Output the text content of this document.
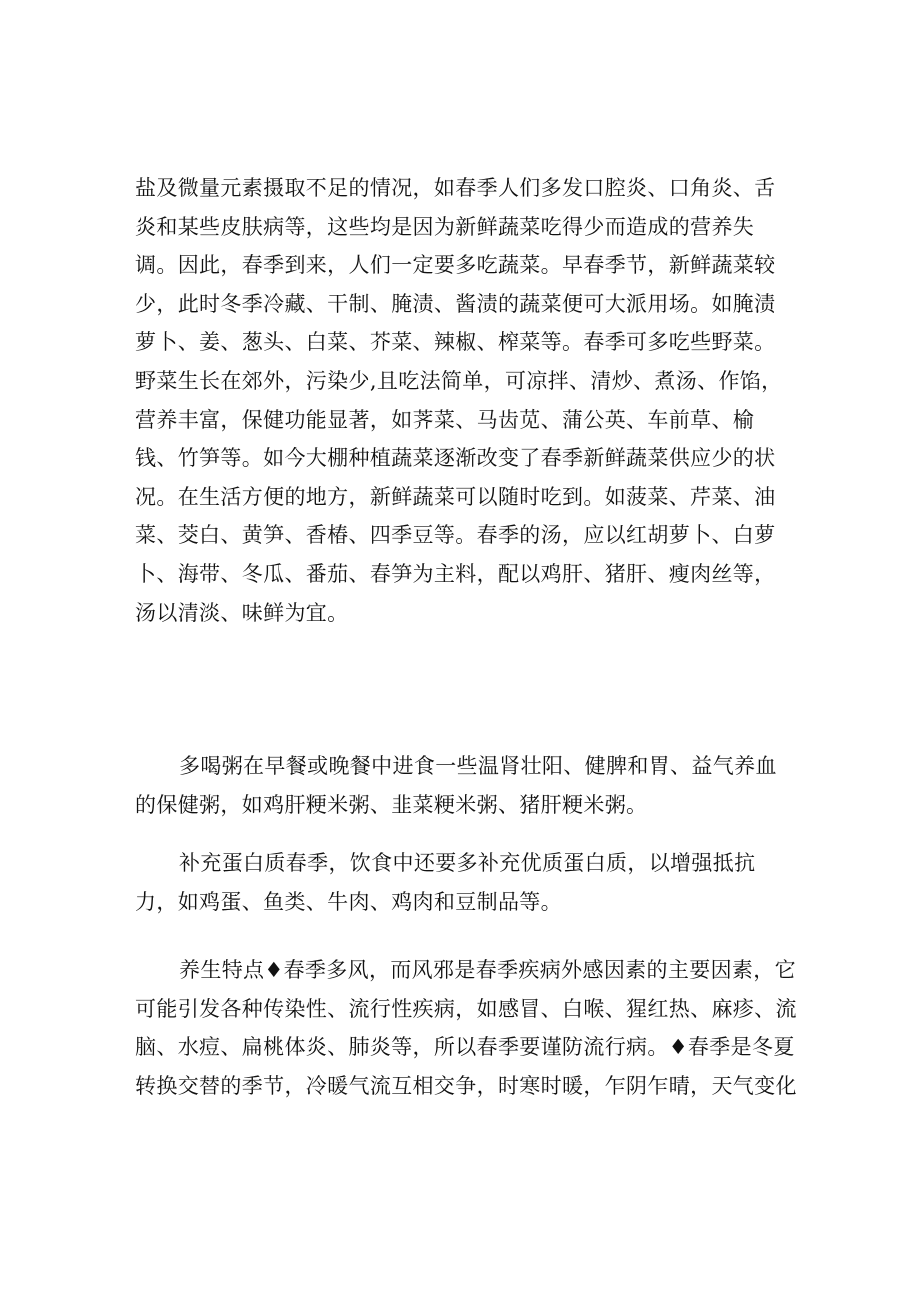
盐及微量元素摄取不足的情况，如春季人们多发口腔炎、口角炎、舌
炎和某些皮肤病等，这些均是因为新鲜蔬菜吃得少而造成的营养失
调。因此，春季到来，人们一定要多吃蔬菜。早春季节，新鲜蔬菜较
少，此时冬季冷藏、干制、腌渍、酱渍的蔬菜便可大派用场。如腌渍
萝卜、姜、葱头、白菜、芥菜、辣椒、榨菜等。春季可多吃些野菜。
野菜生长在郊外，污染少,且吃法简单，可凉拌、清炒、煮汤、作馅，
营养丰富，保健功能显著，如荠菜、马齿苋、蒲公英、车前草、榆
钱、竹笋等。如今大棚种植蔬菜逐渐改变了春季新鲜蔬菜供应少的状
况。在生活方便的地方，新鲜蔬菜可以随时吃到。如菠菜、芹菜、油
菜、茭白、黄笋、香椿、四季豆等。春季的汤，应以红胡萝卜、白萝
卜、海带、冬瓜、番茄、春笋为主料，配以鸡肝、猪肝、瘦肉丝等，
汤以清淡、味鲜为宜。
多喝粥在早餐或晚餐中进食一些温肾壮阳、健脾和胃、益气养血
的保健粥，如鸡肝粳米粥、韭菜粳米粥、猪肝粳米粥。
补充蛋白质春季，饮食中还要多补充优质蛋白质，以增强抵抗
力，如鸡蛋、鱼类、牛肉、鸡肉和豆制品等。
养生特点♦春季多风，而风邪是春季疾病外感因素的主要因素，它
可能引发各种传染性、流行性疾病，如感冒、白喉、猩红热、麻疹、流
脑、水痘、扁桃体炎、肺炎等，所以春季要谨防流行病。♦春季是冬夏
转换交替的季节，冷暖气流互相交争，时寒时暖，乍阴乍晴，天气变化
